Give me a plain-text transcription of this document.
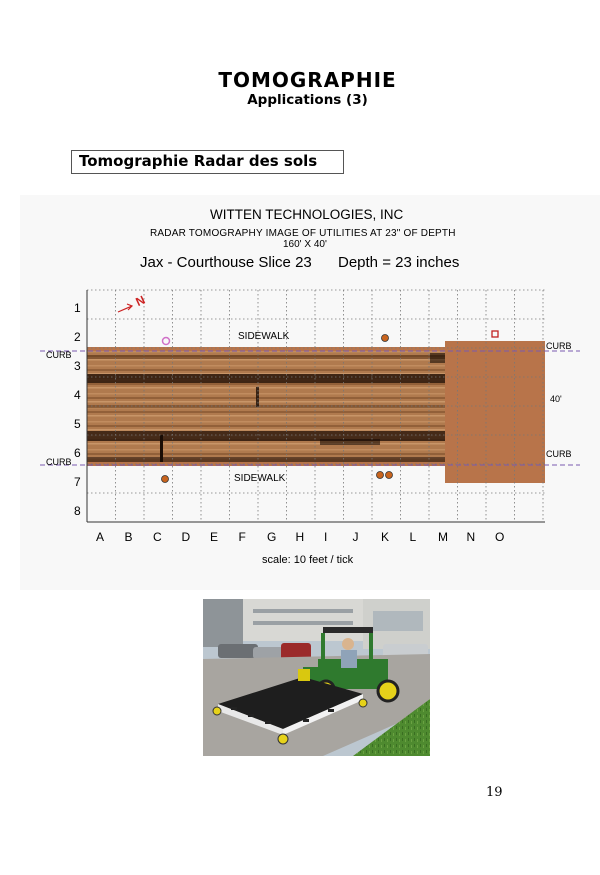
TOMOGRAPHIE
Applications (3)
Tomographie Radar des sols
WITTEN TECHNOLOGIES, INC
RADAR TOMOGRAPHY IMAGE OF UTILITIES AT 23" OF DEPTH
160' X 40'
Jax - Courthouse Slice 23 Depth = 23 inches
1
2
3
4
5
6
7
8
A B C D E F G H I J K L M N O
CURB
CURB
CURB
CURB
40'
SIDEWALK
SIDEWALK
N
scale: 10 feet / tick
19
